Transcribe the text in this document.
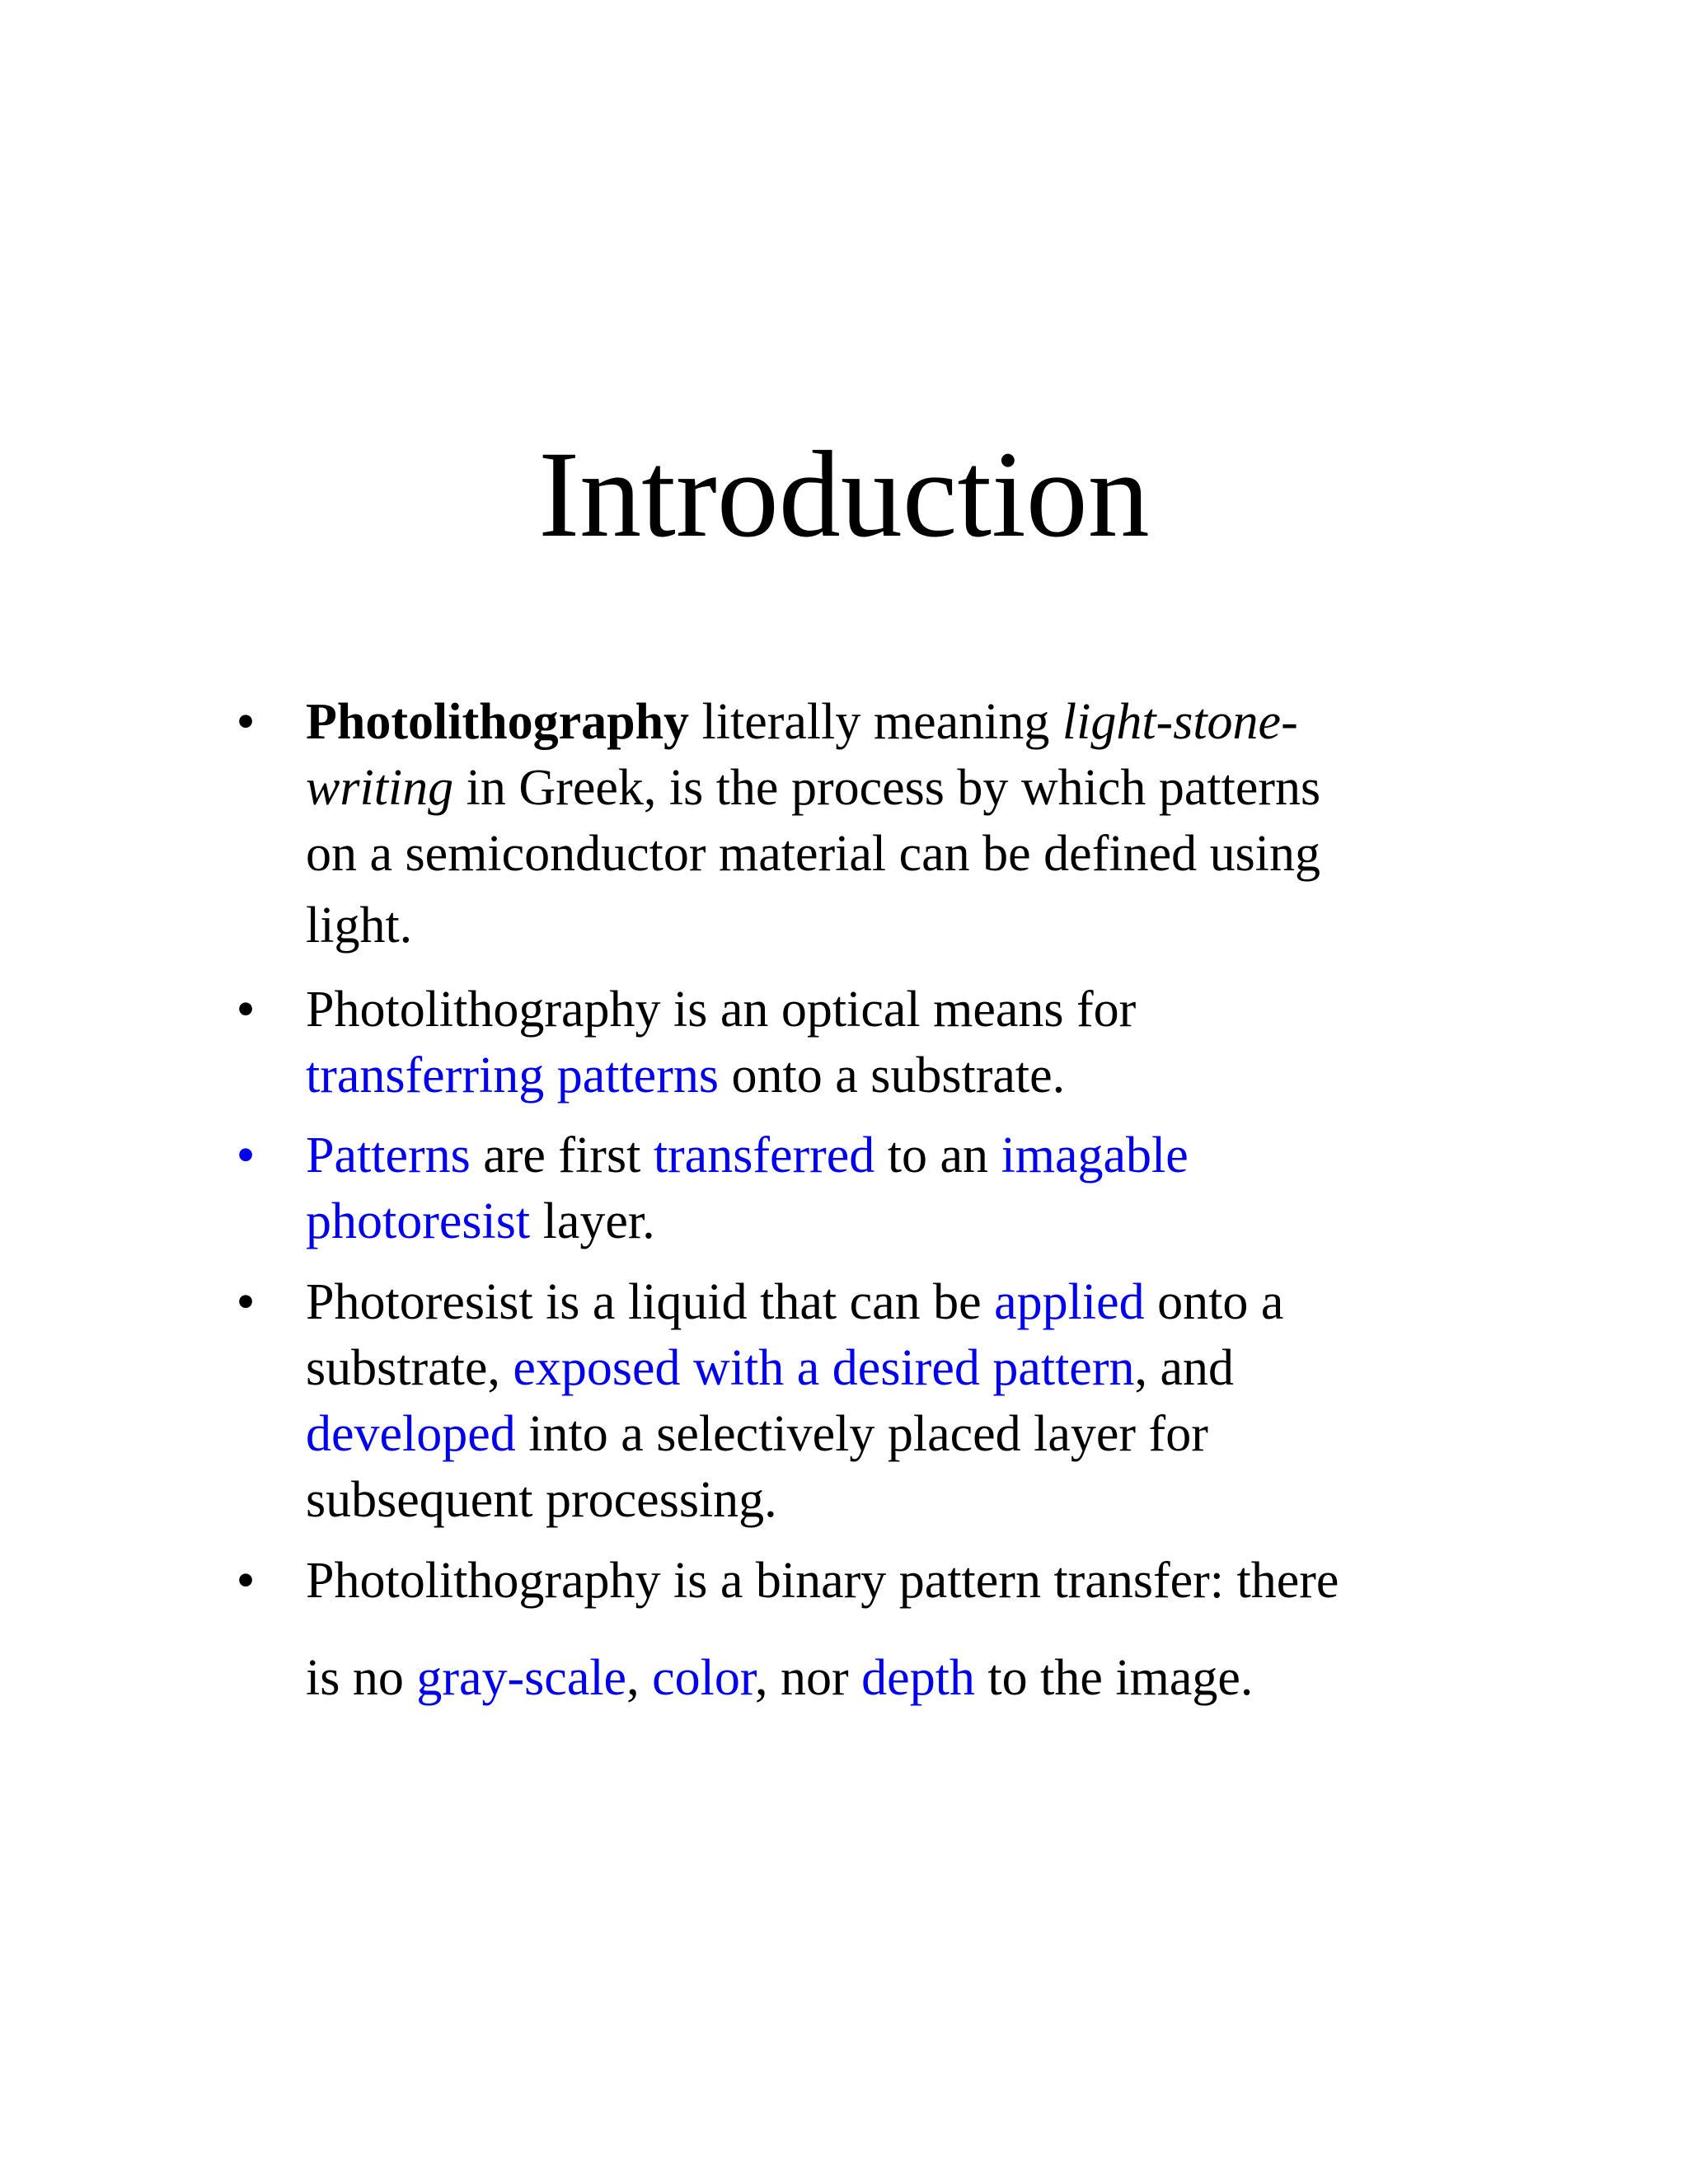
Introduction
• Photolithography literally meaning light-stone-
writing in Greek, is the process by which patterns
on a semiconductor material can be defined using
light.
• Photolithography is an optical means for
transferring patterns onto a substrate.
• Patterns are first transferred to an imagable
photoresist layer.
• Photoresist is a liquid that can be applied onto a
substrate, exposed with a desired pattern, and
developed into a selectively placed layer for
subsequent processing.
• Photolithography is a binary pattern transfer: there
is no gray-scale, color, nor depth to the image.
